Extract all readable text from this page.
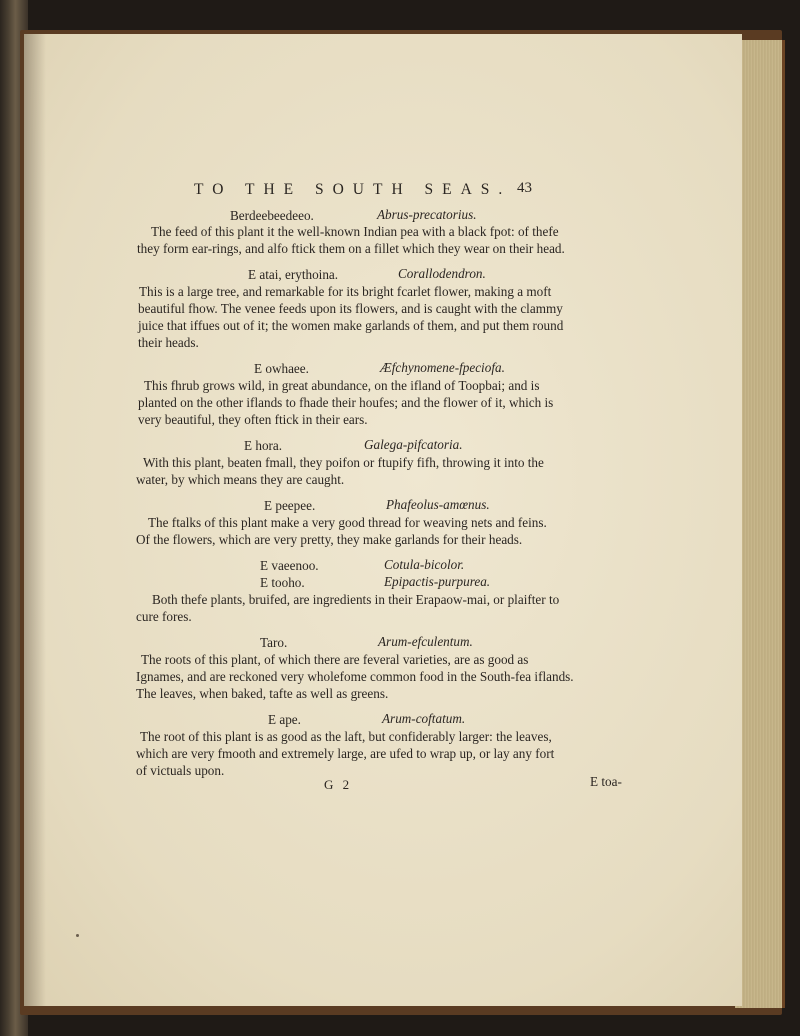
TO THE SOUTH SEAS. 43
Berdeebeedeeo.	Abrus-precatorius.
The feed of this plant it the well-known Indian pea with a black fpot: of thefe
they form ear-rings, and alfo ftick them on a fillet which they wear on their head.
E atai, erythoina.	Corallodendron.
This is a large tree, and remarkable for its bright fcarlet flower, making a moft
beautiful fhow. The venee feeds upon its flowers, and is caught with the clammy
juice that iffues out of it; the women make garlands of them, and put them round
their heads.
E owhaee.	Æfchynomene-fpeciofa.
This fhrub grows wild, in great abundance, on the ifland of Toopbai; and is
planted on the other iflands to fhade their houfes; and the flower of it, which is
very beautiful, they often ftick in their ears.
E hora.	Galega-pifcatoria.
With this plant, beaten fmall, they poifon or ftupify fifh, throwing it into the
water, by which means they are caught.
E peepee.	Phafeolus-amœnus.
The ftalks of this plant make a very good thread for weaving nets and feins.
Of the flowers, which are very pretty, they make garlands for their heads.
E vaeenoo.	Cotula-bicolor.
E tooho.	Epipactis-purpurea.
Both thefe plants, bruifed, are ingredients in their Erapaow-mai, or plaifter to
cure fores.
Taro.	Arum-efculentum.
The roots of this plant, of which there are feveral varieties, are as good as
Ignames, and are reckoned very wholefome common food in the South-fea iflands.
The leaves, when baked, tafte as well as greens.
E ape.	Arum-coftatum.
The root of this plant is as good as the laft, but confiderably larger: the leaves,
which are very fmooth and extremely large, are ufed to wrap up, or lay any fort
of victuals upon.
G 2	E toa-
